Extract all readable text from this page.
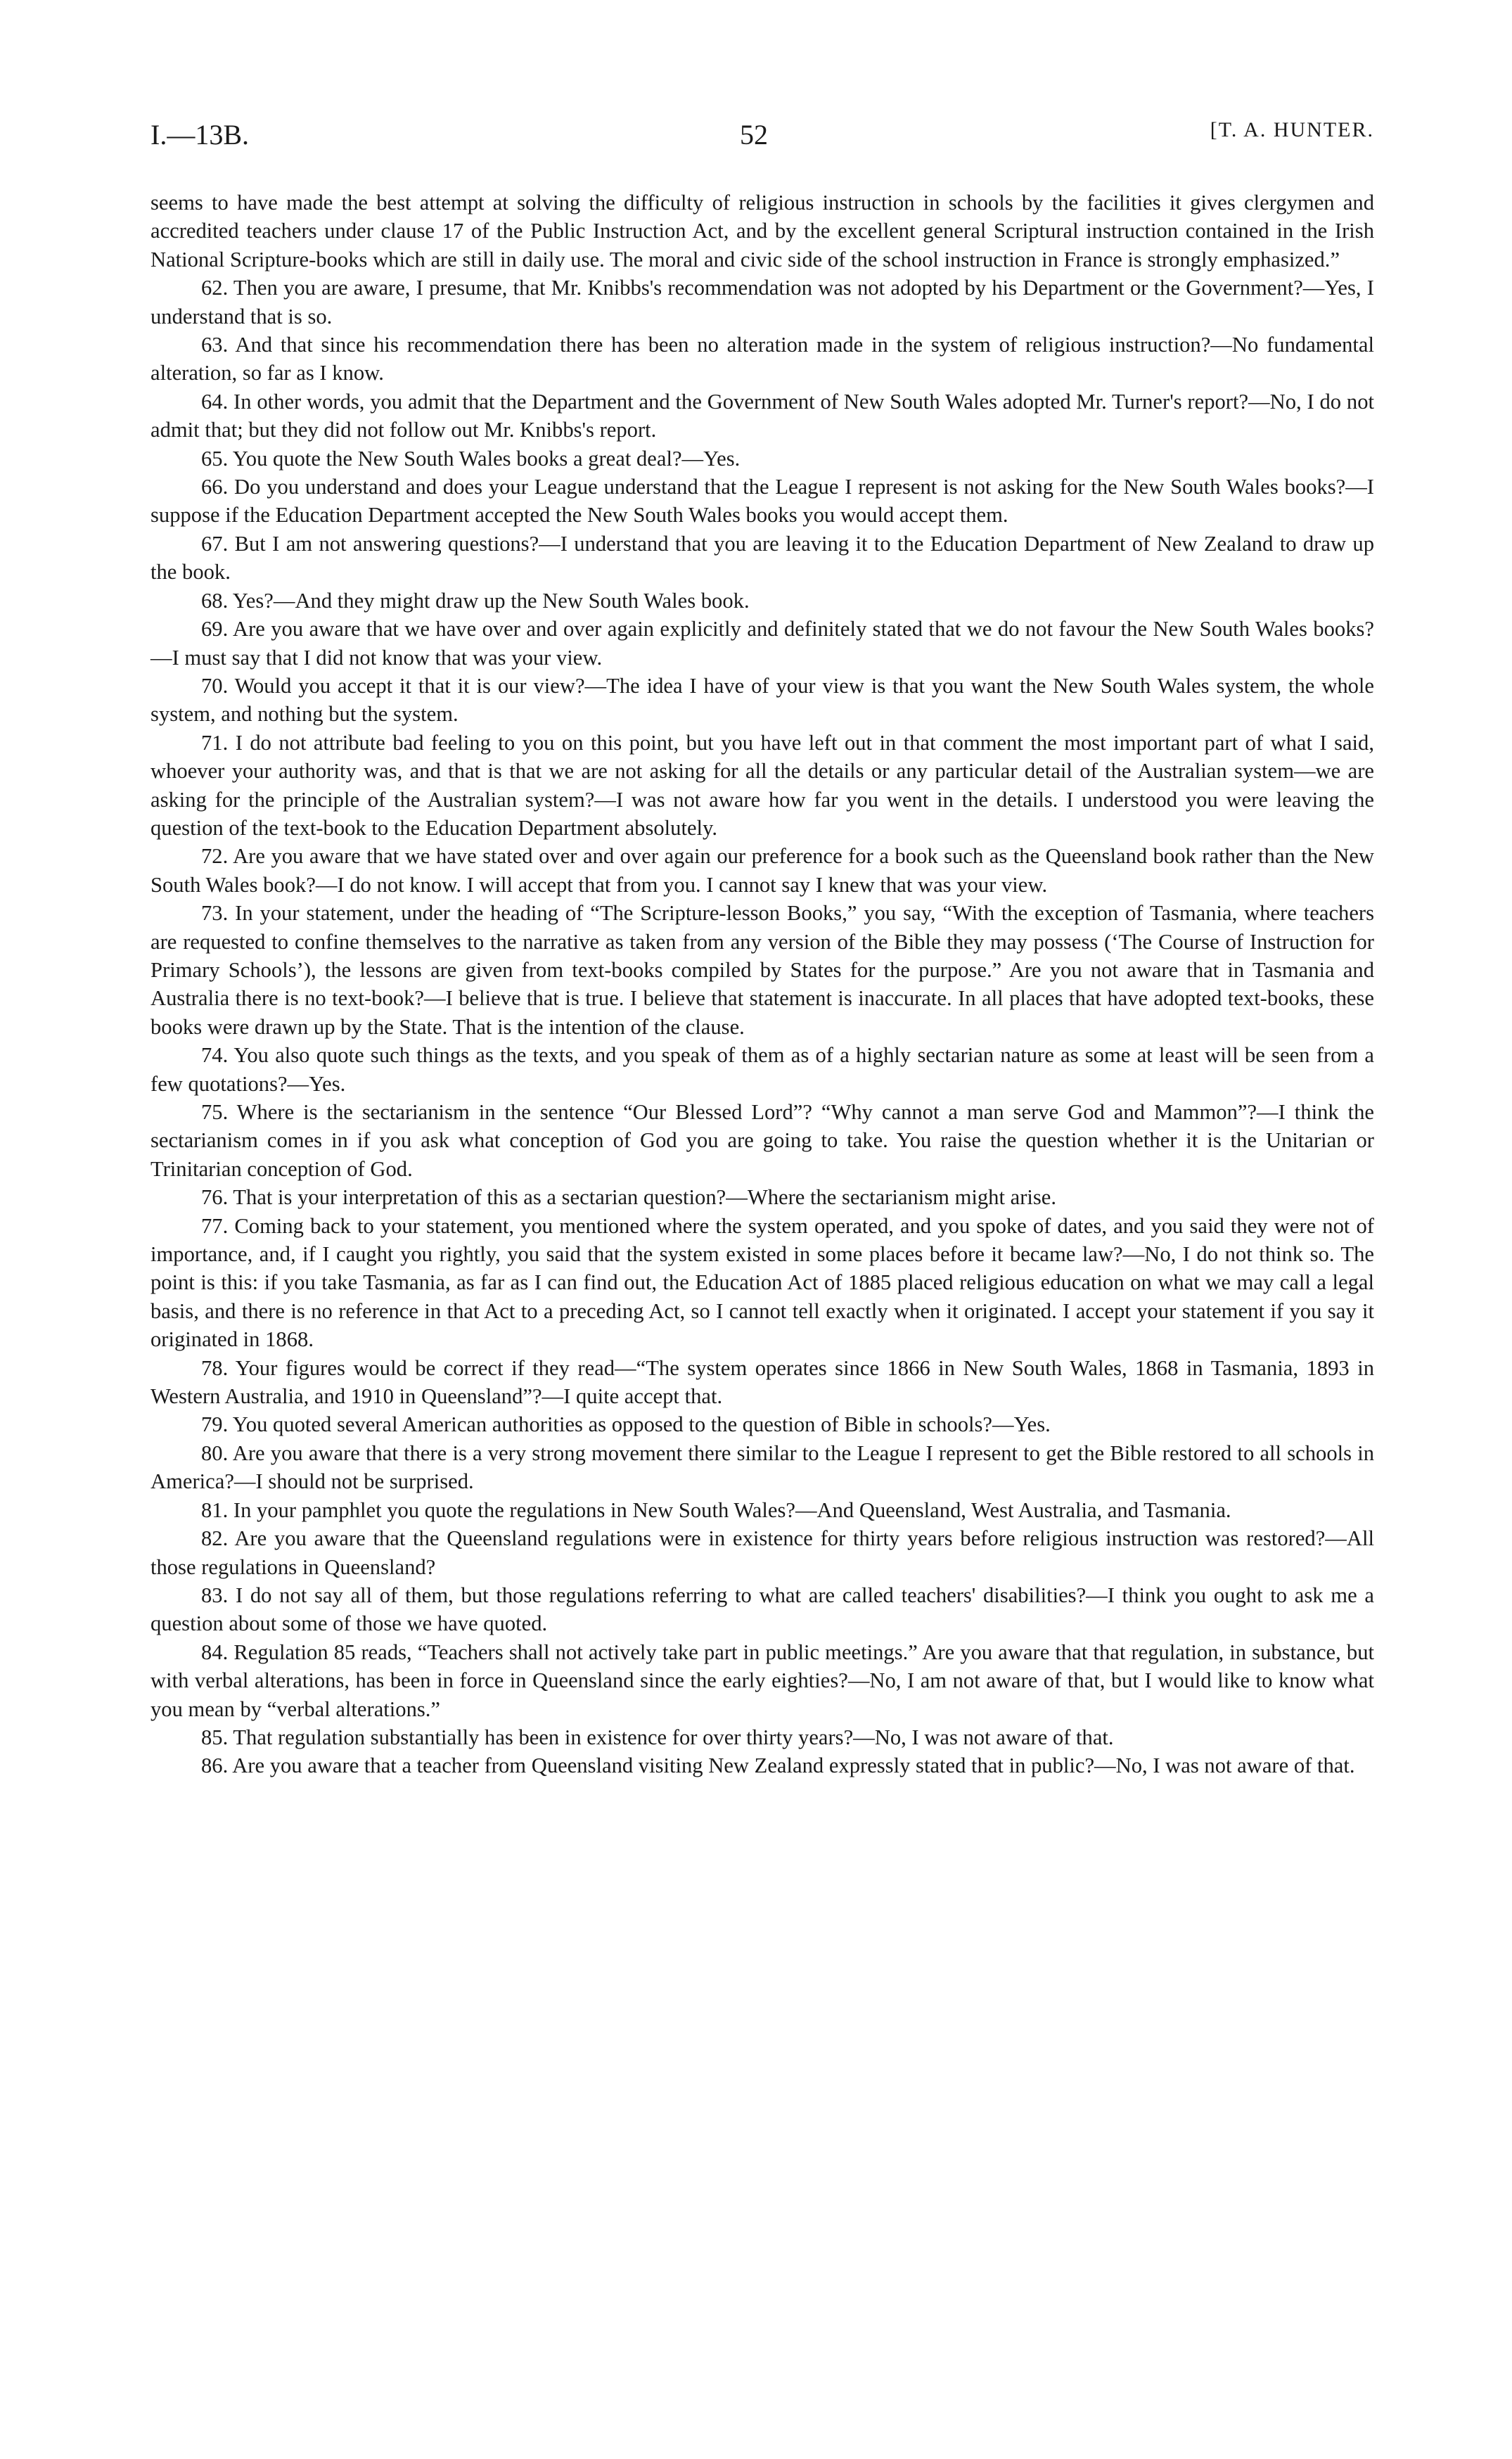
I.—13B.	52	[T. A. HUNTER.

seems to have made the best attempt at solving the difficulty of religious instruction in schools by the facilities it gives clergymen and accredited teachers under clause 17 of the Public Instruction Act, and by the excellent general Scriptural instruction contained in the Irish National Scripture-books which are still in daily use. The moral and civic side of the school instruction in France is strongly emphasized.”

62. Then you are aware, I presume, that Mr. Knibbs's recommendation was not adopted by his Department or the Government?—Yes, I understand that is so.

63. And that since his recommendation there has been no alteration made in the system of religious instruction?—No fundamental alteration, so far as I know.

64. In other words, you admit that the Department and the Government of New South Wales adopted Mr. Turner's report?—No, I do not admit that; but they did not follow out Mr. Knibbs's report.

65. You quote the New South Wales books a great deal?—Yes.

66. Do you understand and does your League understand that the League I represent is not asking for the New South Wales books?—I suppose if the Education Department accepted the New South Wales books you would accept them.

67. But I am not answering questions?—I understand that you are leaving it to the Education Department of New Zealand to draw up the book.

68. Yes?—And they might draw up the New South Wales book.

69. Are you aware that we have over and over again explicitly and definitely stated that we do not favour the New South Wales books?—I must say that I did not know that was your view.

70. Would you accept it that it is our view?—The idea I have of your view is that you want the New South Wales system, the whole system, and nothing but the system.

71. I do not attribute bad feeling to you on this point, but you have left out in that comment the most important part of what I said, whoever your authority was, and that is that we are not asking for all the details or any particular detail of the Australian system—we are asking for the principle of the Australian system?—I was not aware how far you went in the details. I understood you were leaving the question of the text-book to the Education Department absolutely.

72. Are you aware that we have stated over and over again our preference for a book such as the Queensland book rather than the New South Wales book?—I do not know. I will accept that from you. I cannot say I knew that was your view.

73. In your statement, under the heading of “The Scripture-lesson Books,” you say, “With the exception of Tasmania, where teachers are requested to confine themselves to the narrative as taken from any version of the Bible they may possess (‘The Course of Instruction for Primary Schools’), the lessons are given from text-books compiled by States for the purpose.” Are you not aware that in Tasmania and Australia there is no text-book?—I believe that is true. I believe that statement is inaccurate. In all places that have adopted text-books, these books were drawn up by the State. That is the intention of the clause.

74. You also quote such things as the texts, and you speak of them as of a highly sectarian nature as some at least will be seen from a few quotations?—Yes.

75. Where is the sectarianism in the sentence “Our Blessed Lord”? “Why cannot a man serve God and Mammon”?—I think the sectarianism comes in if you ask what conception of God you are going to take. You raise the question whether it is the Unitarian or Trinitarian conception of God.

76. That is your interpretation of this as a sectarian question?—Where the sectarianism might arise.

77. Coming back to your statement, you mentioned where the system operated, and you spoke of dates, and you said they were not of importance, and, if I caught you rightly, you said that the system existed in some places before it became law?—No, I do not think so. The point is this: if you take Tasmania, as far as I can find out, the Education Act of 1885 placed religious education on what we may call a legal basis, and there is no reference in that Act to a preceding Act, so I cannot tell exactly when it originated. I accept your statement if you say it originated in 1868.

78. Your figures would be correct if they read—“The system operates since 1866 in New South Wales, 1868 in Tasmania, 1893 in Western Australia, and 1910 in Queensland”?—I quite accept that.

79. You quoted several American authorities as opposed to the question of Bible in schools?—Yes.

80. Are you aware that there is a very strong movement there similar to the League I represent to get the Bible restored to all schools in America?—I should not be surprised.

81. In your pamphlet you quote the regulations in New South Wales?—And Queensland, West Australia, and Tasmania.

82. Are you aware that the Queensland regulations were in existence for thirty years before religious instruction was restored?—All those regulations in Queensland?

83. I do not say all of them, but those regulations referring to what are called teachers' disabilities?—I think you ought to ask me a question about some of those we have quoted.

84. Regulation 85 reads, “Teachers shall not actively take part in public meetings.” Are you aware that that regulation, in substance, but with verbal alterations, has been in force in Queensland since the early eighties?—No, I am not aware of that, but I would like to know what you mean by “verbal alterations.”

85. That regulation substantially has been in existence for over thirty years?—No, I was not aware of that.

86. Are you aware that a teacher from Queensland visiting New Zealand expressly stated that in public?—No, I was not aware of that.
